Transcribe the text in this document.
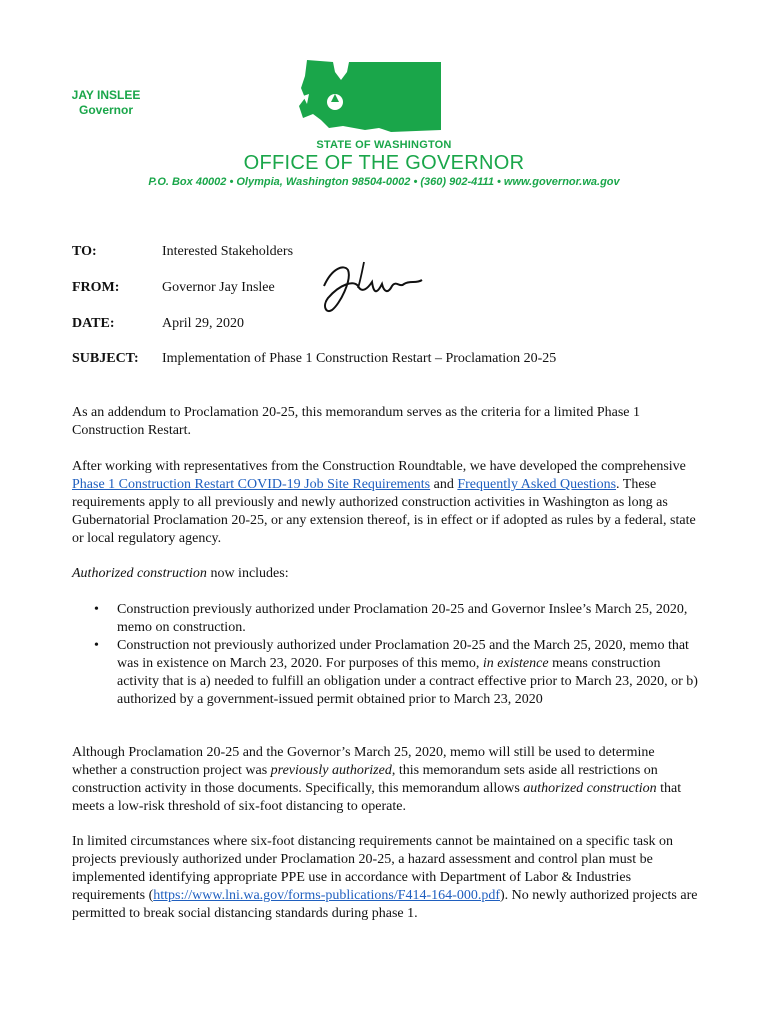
JAY INSLEE
Governor
STATE OF WASHINGTON
OFFICE OF THE GOVERNOR
P.O. Box 40002 • Olympia, Washington 98504-0002 • (360) 902-4111 • www.governor.wa.gov
TO:	Interested Stakeholders
FROM:	Governor Jay Inslee
DATE:	April 29, 2020
SUBJECT: Implementation of Phase 1 Construction Restart – Proclamation 20-25

As an addendum to Proclamation 20-25, this memorandum serves as the criteria for a limited Phase 1 Construction Restart.

After working with representatives from the Construction Roundtable, we have developed the comprehensive Phase 1 Construction Restart COVID-19 Job Site Requirements and Frequently Asked Questions. These requirements apply to all previously and newly authorized construction activities in Washington as long as Gubernatorial Proclamation 20-25, or any extension thereof, is in effect or if adopted as rules by a federal, state or local regulatory agency.

Authorized construction now includes:

• Construction previously authorized under Proclamation 20-25 and Governor Inslee’s March 25, 2020, memo on construction.
• Construction not previously authorized under Proclamation 20-25 and the March 25, 2020, memo that was in existence on March 23, 2020. For purposes of this memo, in existence means construction activity that is a) needed to fulfill an obligation under a contract effective prior to March 23, 2020, or b) authorized by a government-issued permit obtained prior to March 23, 2020

Although Proclamation 20-25 and the Governor’s March 25, 2020, memo will still be used to determine whether a construction project was previously authorized, this memorandum sets aside all restrictions on construction activity in those documents. Specifically, this memorandum allows authorized construction that meets a low-risk threshold of six-foot distancing to operate.

In limited circumstances where six-foot distancing requirements cannot be maintained on a specific task on projects previously authorized under Proclamation 20-25, a hazard assessment and control plan must be implemented identifying appropriate PPE use in accordance with Department of Labor & Industries requirements (https://www.lni.wa.gov/forms-publications/F414-164-000.pdf). No newly authorized projects are permitted to break social distancing standards during phase 1.
